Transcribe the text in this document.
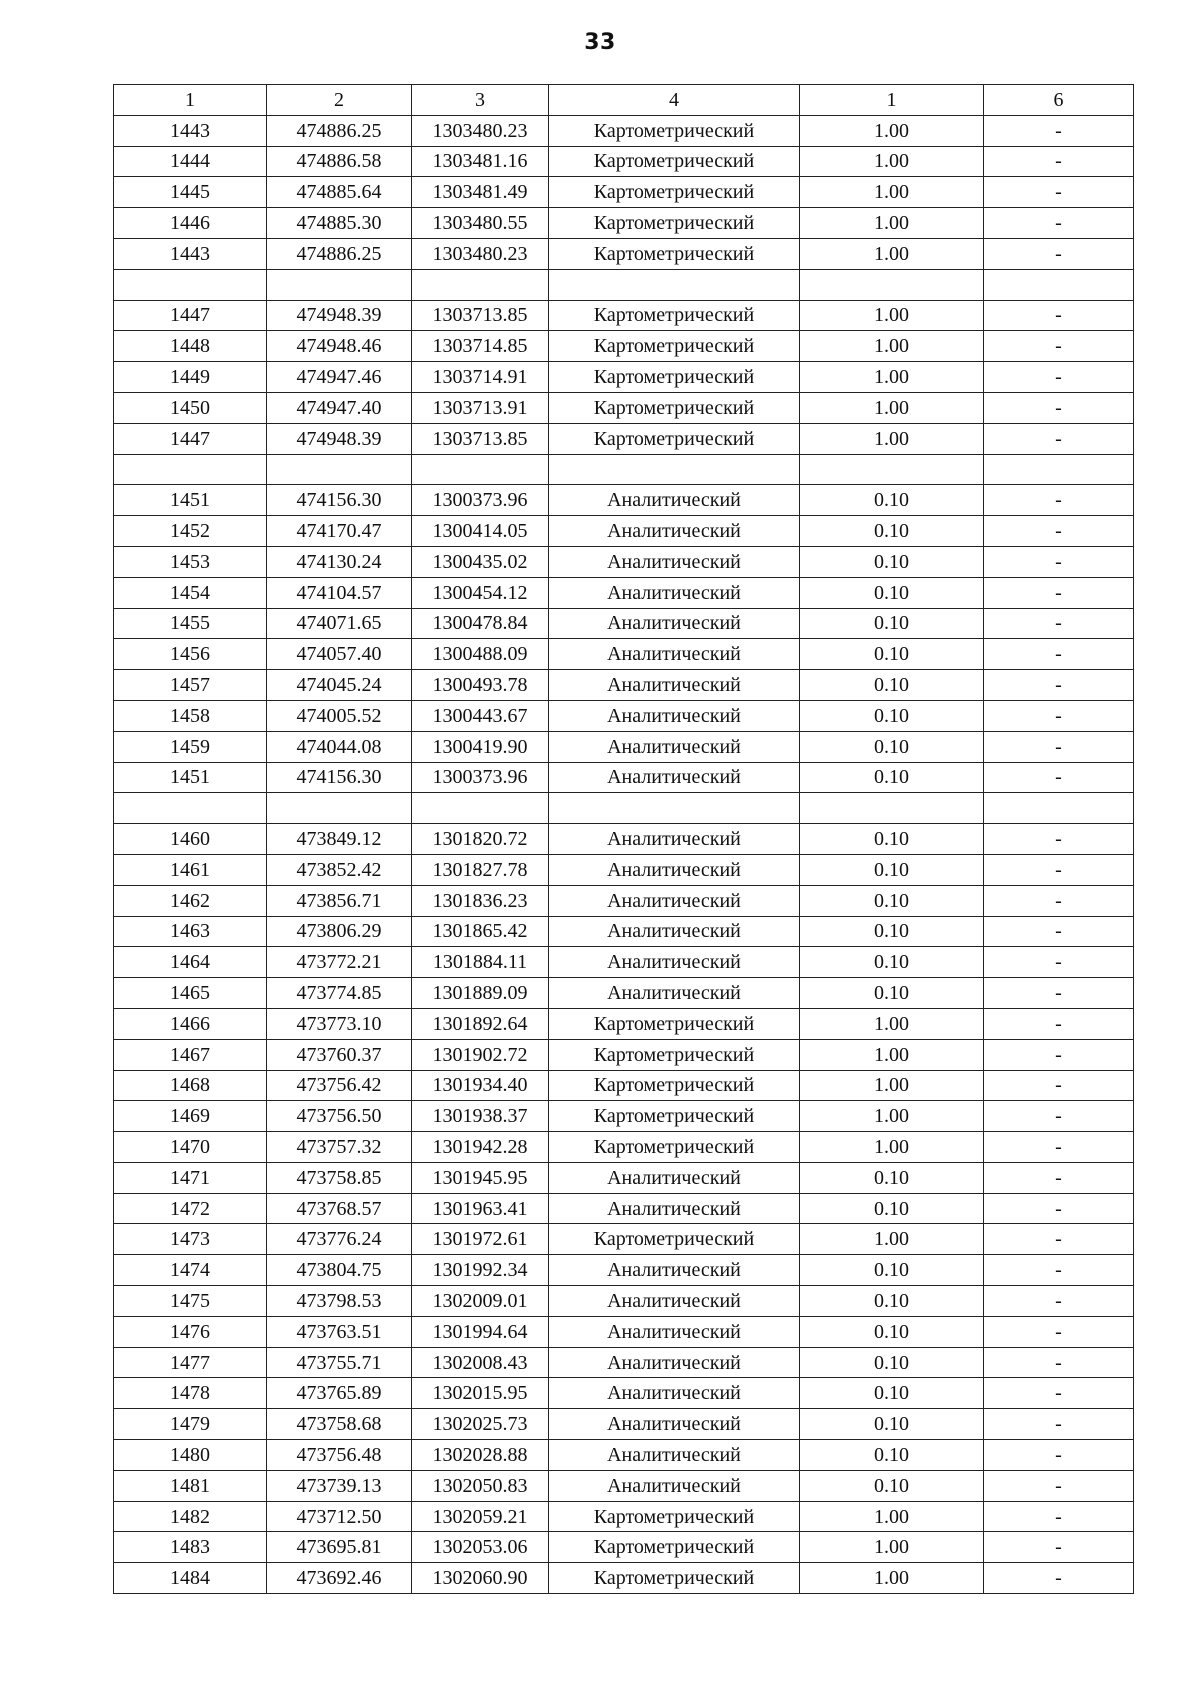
33
1	2	3	4	1	6
1443	474886.25	1303480.23	Картометрический	1.00	-
1444	474886.58	1303481.16	Картометрический	1.00	-
1445	474885.64	1303481.49	Картометрический	1.00	-
1446	474885.30	1303480.55	Картометрический	1.00	-
1443	474886.25	1303480.23	Картометрический	1.00	-

1447	474948.39	1303713.85	Картометрический	1.00	-
1448	474948.46	1303714.85	Картометрический	1.00	-
1449	474947.46	1303714.91	Картометрический	1.00	-
1450	474947.40	1303713.91	Картометрический	1.00	-
1447	474948.39	1303713.85	Картометрический	1.00	-

1451	474156.30	1300373.96	Аналитический	0.10	-
1452	474170.47	1300414.05	Аналитический	0.10	-
1453	474130.24	1300435.02	Аналитический	0.10	-
1454	474104.57	1300454.12	Аналитический	0.10	-
1455	474071.65	1300478.84	Аналитический	0.10	-
1456	474057.40	1300488.09	Аналитический	0.10	-
1457	474045.24	1300493.78	Аналитический	0.10	-
1458	474005.52	1300443.67	Аналитический	0.10	-
1459	474044.08	1300419.90	Аналитический	0.10	-
1451	474156.30	1300373.96	Аналитический	0.10	-

1460	473849.12	1301820.72	Аналитический	0.10	-
1461	473852.42	1301827.78	Аналитический	0.10	-
1462	473856.71	1301836.23	Аналитический	0.10	-
1463	473806.29	1301865.42	Аналитический	0.10	-
1464	473772.21	1301884.11	Аналитический	0.10	-
1465	473774.85	1301889.09	Аналитический	0.10	-
1466	473773.10	1301892.64	Картометрический	1.00	-
1467	473760.37	1301902.72	Картометрический	1.00	-
1468	473756.42	1301934.40	Картометрический	1.00	-
1469	473756.50	1301938.37	Картометрический	1.00	-
1470	473757.32	1301942.28	Картометрический	1.00	-
1471	473758.85	1301945.95	Аналитический	0.10	-
1472	473768.57	1301963.41	Аналитический	0.10	-
1473	473776.24	1301972.61	Картометрический	1.00	-
1474	473804.75	1301992.34	Аналитический	0.10	-
1475	473798.53	1302009.01	Аналитический	0.10	-
1476	473763.51	1301994.64	Аналитический	0.10	-
1477	473755.71	1302008.43	Аналитический	0.10	-
1478	473765.89	1302015.95	Аналитический	0.10	-
1479	473758.68	1302025.73	Аналитический	0.10	-
1480	473756.48	1302028.88	Аналитический	0.10	-
1481	473739.13	1302050.83	Аналитический	0.10	-
1482	473712.50	1302059.21	Картометрический	1.00	-
1483	473695.81	1302053.06	Картометрический	1.00	-
1484	473692.46	1302060.90	Картометрический	1.00	-
